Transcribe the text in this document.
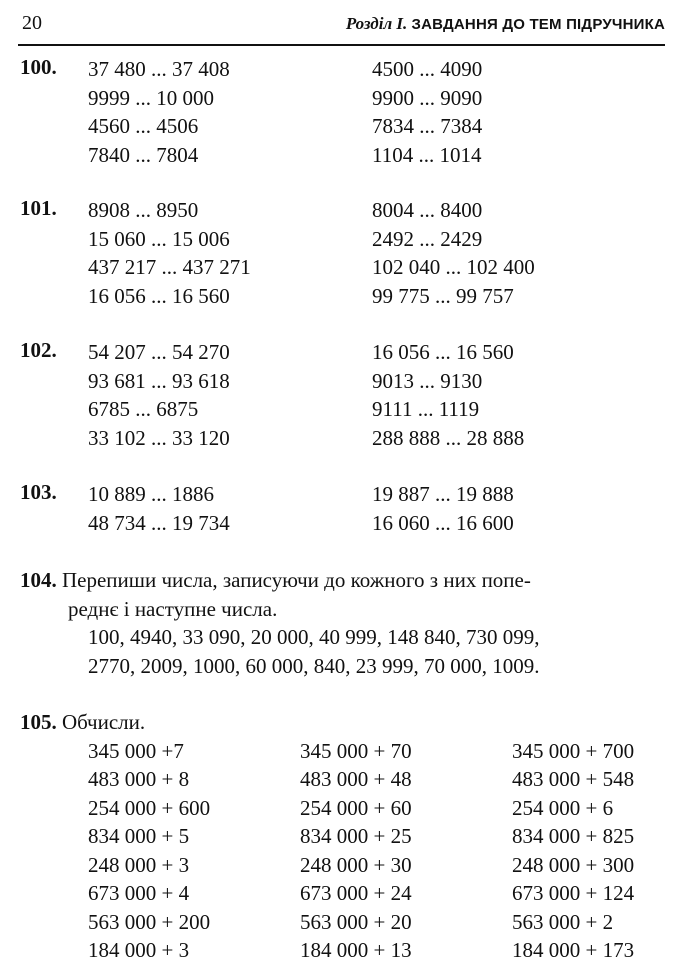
20	Розділ І. ЗАВДАННЯ ДО ТЕМ ПІДРУЧНИКА
100. 37 480 ... 37 408
9999 ... 10 000
4560 ... 4506
7840 ... 7804
4500 ... 4090
9900 ... 9090
7834 ... 7384
1104 ... 1014
101. 8908 ... 8950
15 060 ... 15 006
437 217 ... 437 271
16 056 ... 16 560
8004 ... 8400
2492 ... 2429
102 040 ... 102 400
99 775 ... 99 757
102. 54 207 ... 54 270
93 681 ... 93 618
6785 ... 6875
33 102 ... 33 120
16 056 ... 16 560
9013 ... 9130
9111 ... 1119
288 888 ... 28 888
103. 10 889 ... 1886
48 734 ... 19 734
19 887 ... 19 888
16 060 ... 16 600
104. Перепиши числа, записуючи до кожного з них попе-
реднє і наступне числа.
100, 4940, 33 090, 20 000, 40 999, 148 840, 730 099,
2770, 2009, 1000, 60 000, 840, 23 999, 70 000, 1009.
105. Обчисли.
345 000 +7
483 000 + 8
254 000 + 600
834 000 + 5
248 000 + 3
673 000 + 4
563 000 + 200
184 000 + 3
345 000 + 70
483 000 + 48
254 000 + 60
834 000 + 25
248 000 + 30
673 000 + 24
563 000 + 20
184 000 + 13
345 000 + 700
483 000 + 548
254 000 + 6
834 000 + 825
248 000 + 300
673 000 + 124
563 000 + 2
184 000 + 173
